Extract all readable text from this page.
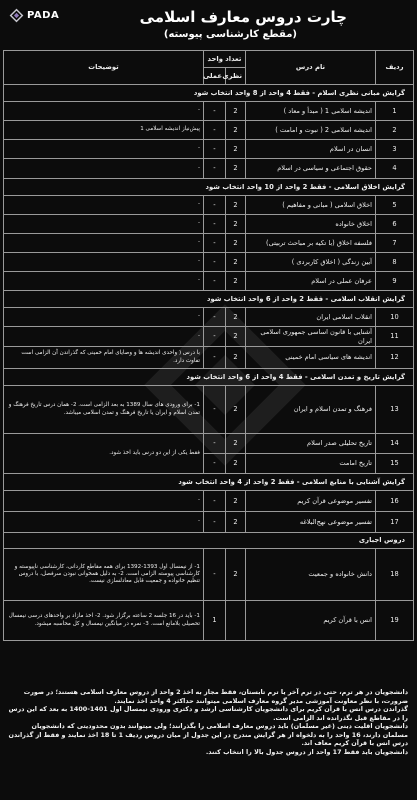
PADA	چارت دروس معارف اسلامی
(مقطع کارشناسی پیوسته)
ردیف	نام درس	تعداد واحد		توضیحات
		نظری	عملی	
گرایش مبانی نظری اسلام - فقط 4 واحد از 8 واحد انتخاب شود				
1	اندیشه اسلامی 1 ( مبدأ و معاد )	2	-	-
2	اندیشه اسلامی 2 ( نبوت و امامت )	2	-	پیش‌نیاز اندیشه اسلامی 1
3	انسان در اسلام	2	-	-
4	حقوق اجتماعی و سیاسی در اسلام	2	-	-
گرایش اخلاق اسلامی - فقط 2 واحد از 10 واحد انتخاب شود				
5	اخلاق اسلامی ( مبانی و مفاهیم )	2	-	-
6	اخلاق خانواده	2	-	-
7	فلسفه اخلاق (با تکیه بر مباحث تربیتی)	2	-	-
8	آیین زندگی ( اخلاق کاربردی )	2	-	-
9	عرفان عملی در اسلام	2	-	-
گرایش انقلاب اسلامی - فقط 2 واحد از 6 واحد انتخاب شود				
10	انقلاب اسلامی ایران	2	-	-
11	آشنایی با قانون اساسی جمهوری اسلامی ایران	2	-	-
12	اندیشه های سیاسی امام خمینی	2	-	با درس ( واحدی اندیشه ها و وصایای امام خمینی که گذراندن آن الزامی است تفاوت دارد.
گرایش تاریخ و تمدن اسلامی - فقط 4 واحد از 6 واحد انتخاب شود				
13	فرهنگ و تمدن اسلام و ایران	2	-	1- برای ورودی های سال 1389 به بعد الزامی است. 2- همان درس تاریخ فرهنگ و تمدن اسلام و ایران یا تاریخ فرهنگ و تمدن اسلامی میباشد.
14	تاریخ تحلیلی صدر اسلام	2	-	فقط یکی از این دو درس باید اخذ شود.
15	تاریخ امامت	2	-	
گرایش آشنایی با منابع اسلامی - فقط 2 واحد از 4 واحد انتخاب شود				
16	تفسیر موضوعی قرآن کریم	2	-	-
17	تفسیر موضوعی نهج‌البلاغه	2	-	-
دروس اجباری				
18	دانش خانواده و جمعیت	2	-	1- از نیمسال اول 1393-1392 برای همه مقاطع کاردانی، کارشناسی ناپیوسته و کارشناسی پیوسته الزامی است. 2- به دلیل همخوانی نبودن سرفصل، با دروس تنظیم خانواده و جمعیت قابل معادلسازی نیست.
19	انس با قرآن کریم		1	1- باید در 16 جلسه 2 ساعته برگزار شود. 2- اخذ مازاد بر واحدهای درسی نیمسال تحصیلی بلامانع است. 3- نمره در میانگین نیمسال و کل محاسبه میشود.
دانشجویان در هر ترم، حتی در ترم آخر یا ترم تابستان، فقط مجاز به اخذ 2 واحد از دروس معارف اسلامی هستند؛ در صورت ضرورت، با نظر معاونت آموزشی مدیر گروه معارف اسلامی میتوانند حداکثر 4 واحد اخذ نمایند.
گذراندن درس انس با قرآن کریم برای دانشجویان کارشناسی ارشد و دکتری ورودی نیمسال اول 1401-1400 به بعد که این درس را در مقاطع قبل نگذرانده اند الزامی است.
دانشجویان اقلیت دینی (غیر مسلمان) باید دروس معارف اسلامی را بگذرانند؛ ولی میتوانند بدون محدودیتی که دانشجویان مسلمان دارند، 16 واحد را به دلخواه از هر گرایش مندرج در این جدول از میان دروس ردیف 1 تا 18 اخذ نمایند و فقط از گذراندن درس انس با قرآن کریم معاف اند.
دانشجویان باید فقط 17 واحد از دروس جدول بالا را انتخاب کنند.
